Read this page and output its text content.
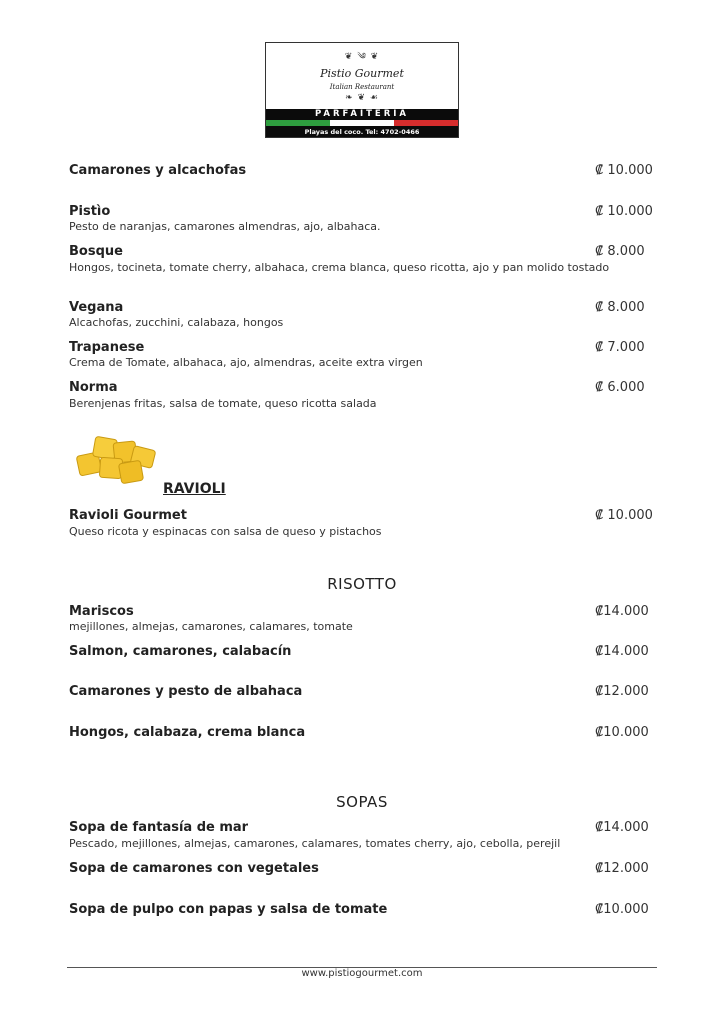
❦ ༄ ❦
Pistio Gourmet
Italian Restaurant
❧ ❦ ☙
PARFAITERIA
Playas del coco. Tel: 4702-0466
Camarones y alcachofas	₡ 10.000
Pistìo	₡ 10.000
Pesto de naranjas, camarones almendras, ajo, albahaca.
Bosque	₡ 8.000
Hongos, tocineta, tomate cherry, albahaca, crema blanca, queso ricotta, ajo y pan molido tostado
Vegana	₡ 8.000
Alcachofas, zucchini, calabaza, hongos
Trapanese	₡ 7.000
Crema de Tomate, albahaca, ajo, almendras, aceite extra virgen
Norma	₡ 6.000
Berenjenas fritas, salsa de tomate, queso ricotta salada
RAVIOLI
Ravioli Gourmet	₡ 10.000
Queso ricota y espinacas con salsa de queso y pistachos
RISOTTO
Mariscos	₡14.000
mejillones, almejas, camarones, calamares, tomate
Salmon, camarones, calabacín	₡14.000
Camarones y pesto de albahaca	₡12.000
Hongos, calabaza, crema blanca	₡10.000
SOPAS
Sopa de fantasía de mar	₡14.000
Pescado, mejillones, almejas, camarones, calamares, tomates cherry, ajo, cebolla, perejil
Sopa de camarones con vegetales	₡12.000
Sopa de pulpo con papas y salsa de tomate	₡10.000
www.pistiogourmet.com
